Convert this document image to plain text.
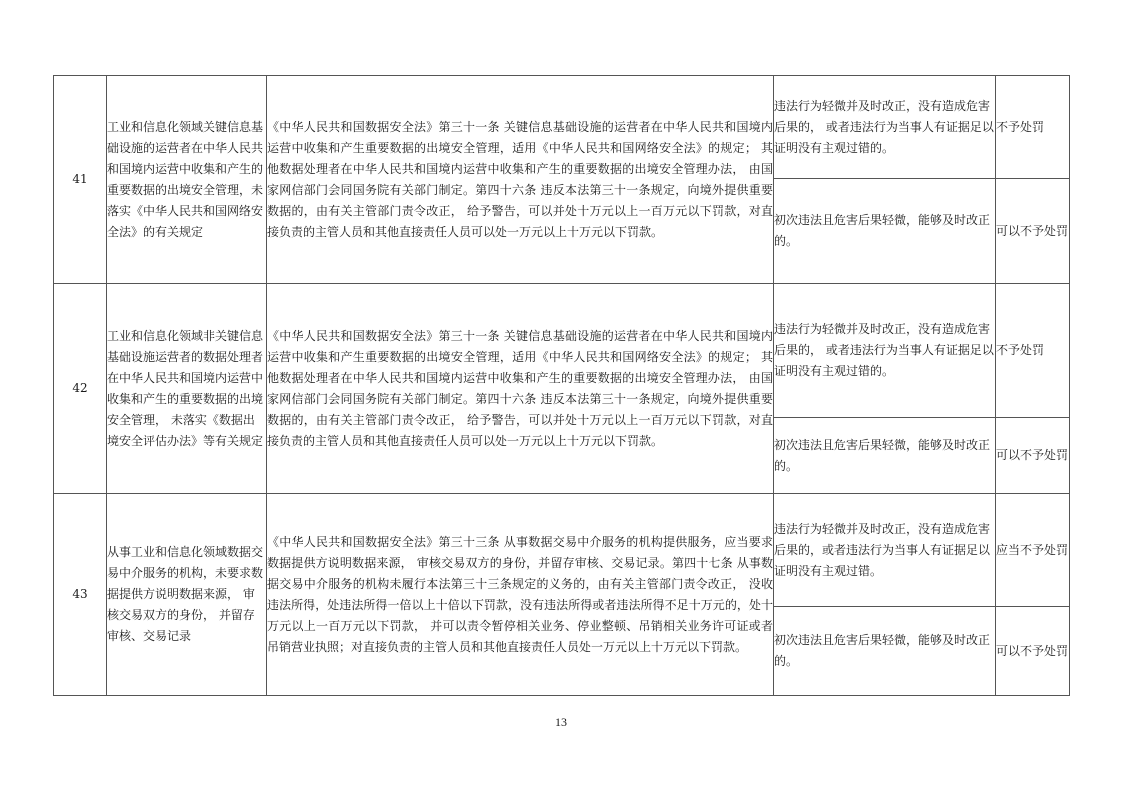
41	工业和信息化领域关键信息基础设施的运营者在中华人民共和国境内运营中收集和产生的重要数据的出境安全管理，未落实《中华人民共和国网络安全法》的有关规定	《中华人民共和国数据安全法》第三十一条 关键信息基础设施的运营者在中华人民共和国境内运营中收集和产生重要数据的出境安全管理，适用《中华人民共和国网络安全法》的规定； 其他数据处理者在中华人民共和国境内运营中收集和产生的重要数据的出境安全管理办法， 由国家网信部门会同国务院有关部门制定。第四十六条 违反本法第三十一条规定，向境外提供重要数据的，由有关主管部门责令改正， 给予警告，可以并处十万元以上一百万元以下罚款，对直接负责的主管人员和其他直接责任人员可以处一万元以上十万元以下罚款。	违法行为轻微并及时改正，没有造成危害后果的， 或者违法行为当事人有证据足以证明没有主观过错的。	不予处罚

			初次违法且危害后果轻微，能够及时改正的。	可以不予处罚

42	工业和信息化领域非关键信息基础设施运营者的数据处理者在中华人民共和国境内运营中收集和产生的重要数据的出境安全管理， 未落实《数据出境安全评估办法》等有关规定	《中华人民共和国数据安全法》第三十一条 关键信息基础设施的运营者在中华人民共和国境内运营中收集和产生重要数据的出境安全管理，适用《中华人民共和国网络安全法》的规定； 其他数据处理者在中华人民共和国境内运营中收集和产生的重要数据的出境安全管理办法， 由国家网信部门会同国务院有关部门制定。第四十六条 违反本法第三十一条规定，向境外提供重要数据的，由有关主管部门责令改正， 给予警告，可以并处十万元以上一百万元以下罚款，对直接负责的主管人员和其他直接责任人员可以处一万元以上十万元以下罚款。	违法行为轻微并及时改正，没有造成危害后果的， 或者违法行为当事人有证据足以证明没有主观过错的。	不予处罚

			初次违法且危害后果轻微，能够及时改正的。	可以不予处罚

43	从事工业和信息化领域数据交易中介服务的机构，未要求数据提供方说明数据来源， 审核交易双方的身份， 并留存审核、交易记录	《中华人民共和国数据安全法》第三十三条 从事数据交易中介服务的机构提供服务，应当要求数据提供方说明数据来源， 审核交易双方的身份，并留存审核、交易记录。第四十七条 从事数据交易中介服务的机构未履行本法第三十三条规定的义务的，由有关主管部门责令改正， 没收违法所得，处违法所得一倍以上十倍以下罚款，没有违法所得或者违法所得不足十万元的，处十万元以上一百万元以下罚款， 并可以责令暂停相关业务、停业整顿、吊销相关业务许可证或者吊销营业执照；对直接负责的主管人员和其他直接责任人员处一万元以上十万元以下罚款。	违法行为轻微并及时改正，没有造成危害后果的，或者违法行为当事人有证据足以证明没有主观过错。	应当不予处罚

			初次违法且危害后果轻微，能够及时改正的。	可以不予处罚
13
